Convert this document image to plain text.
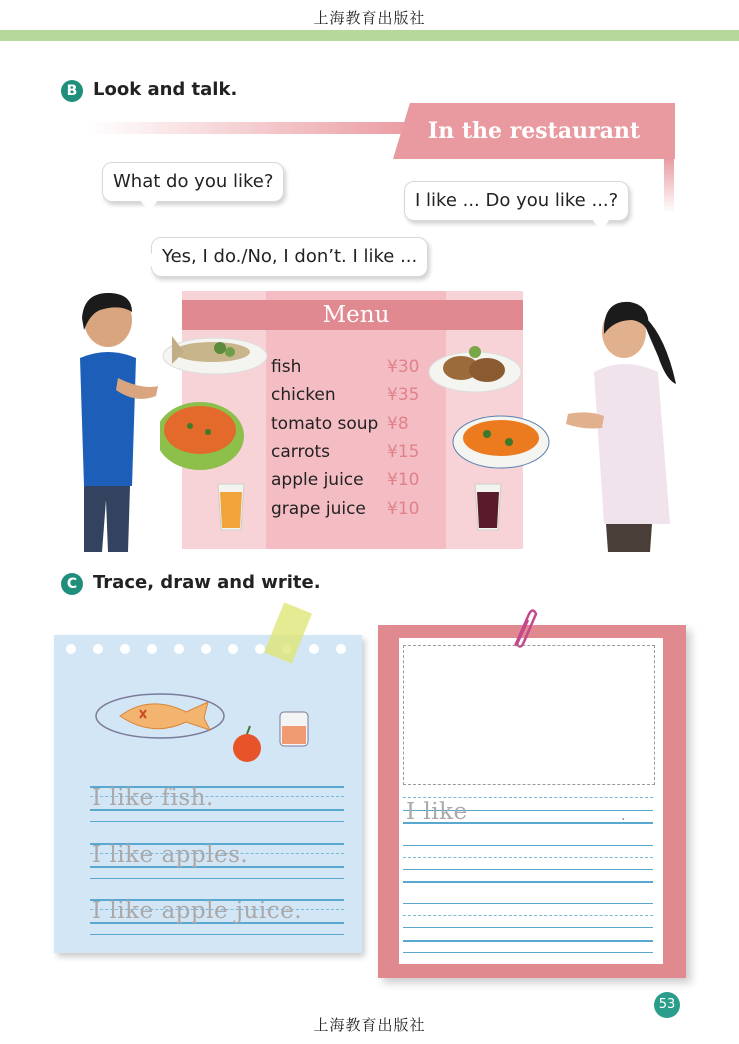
上海教育出版社
B Look and talk.
In the restaurant
What do you like?
I like ... Do you like ...?
Yes, I do./No, I don’t. I like ...
Menu
fish	¥30
chicken	¥35
tomato soup ¥8
carrots	¥15
apple juice ¥10
grape juice ¥10
C Trace, draw and write.
I like fish.
I like apples.
I like apple juice.
I like	.
53
上海教育出版社
